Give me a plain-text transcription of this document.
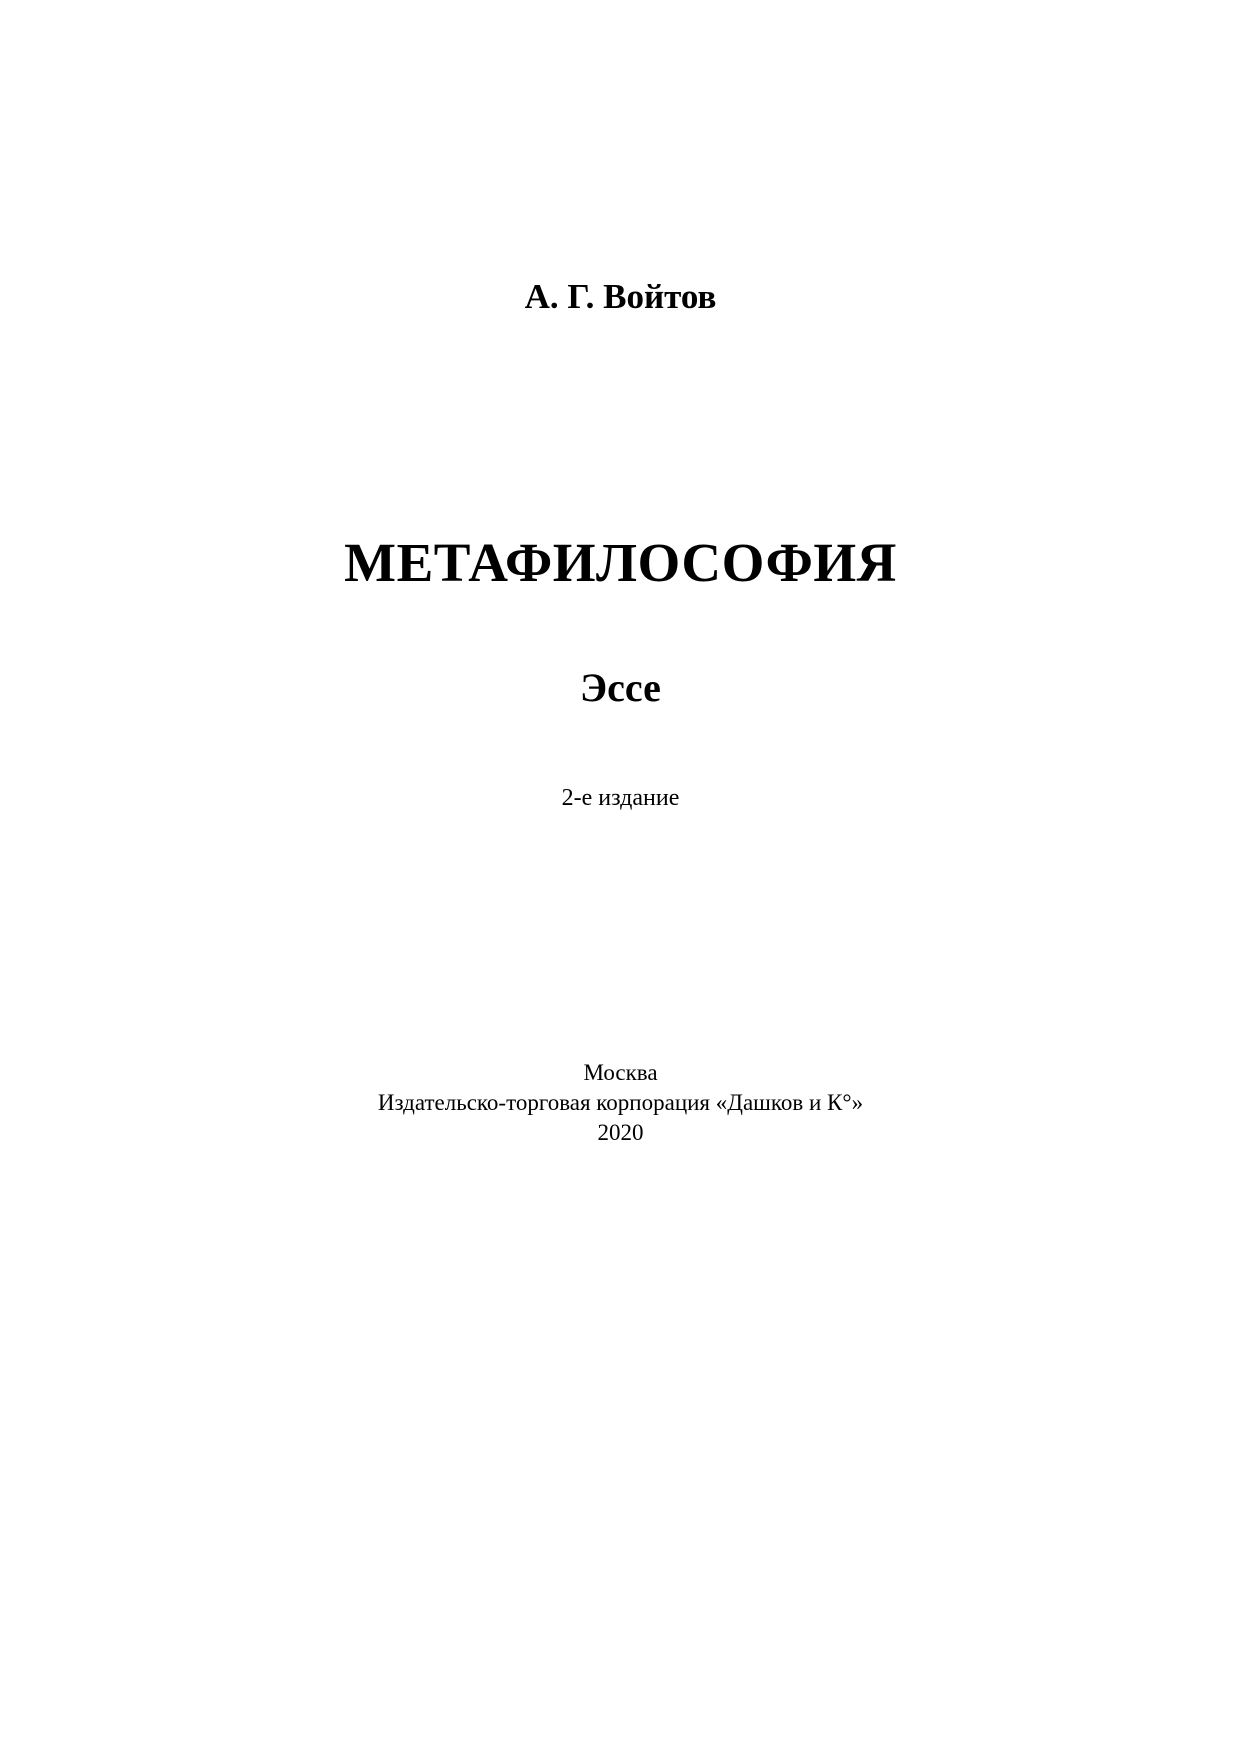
А. Г. Войтов
МЕТАФИЛОСОФИЯ
Эссе
2-е издание
Москва
Издательско-торговая корпорация «Дашков и К°»
2020
